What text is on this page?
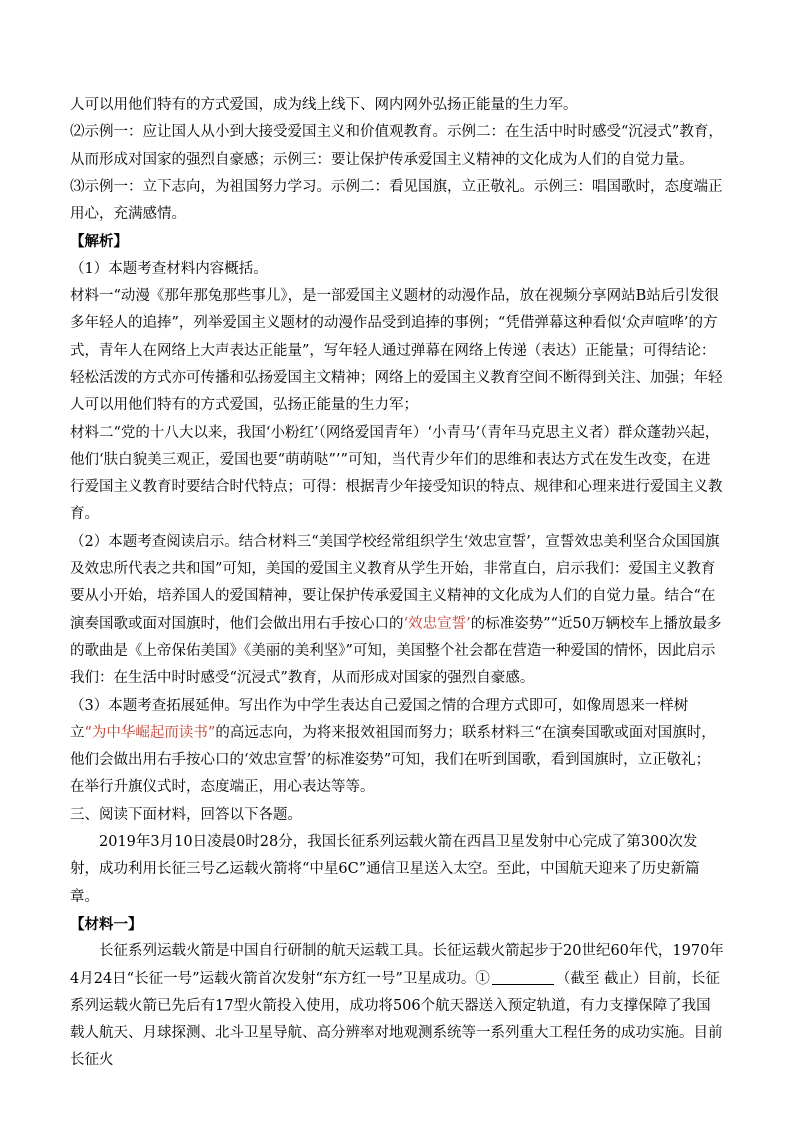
人可以用他们特有的方式爱国，成为线上线下、网内网外弘扬正能量的生力军。

⑵示例一：应让国人从小到大接受爱国主义和价值观教育。示例二：在生活中时时感受“沉浸式”教育，从而形成对国家的强烈自豪感；示例三：要让保护传承爱国主义精神的文化成为人们的自觉力量。

⑶示例一：立下志向，为祖国努力学习。示例二：看见国旗，立正敬礼。示例三：唱国歌时，态度端正用心，充满感情。

【解析】

（1）本题考查材料内容概括。

材料一“动漫《那年那兔那些事儿》，是一部爱国主义题材的动漫作品，放在视频分享网站B站后引发很多年轻人的追捧”，列举爱国主义题材的动漫作品受到追捧的事例；“凭借弹幕这种看似‘众声喧哗’的方式，青年人在网络上大声表达正能量”，写年轻人通过弹幕在网络上传递（表达）正能量；可得结论：轻松活泼的方式亦可传播和弘扬爱国主文精神；网络上的爱国主义教育空间不断得到关注、加强；年轻人可以用他们特有的方式爱国，弘扬正能量的生力军；

材料二“党的十八大以来，我国‘小粉红’（网络爱国青年）‘小青马’（青年马克思主义者）群众蓬勃兴起，他们‘肤白貌美三观正，爱国也要“萌萌哒”’”可知，当代青少年们的思维和表达方式在发生改变，在进行爱国主义教育时要结合时代特点；可得：根据青少年接受知识的特点、规律和心理来进行爱国主义教育。

（2）本题考查阅读启示。结合材料三“美国学校经常组织学生‘效忠宣誓’，宣誓效忠美利坚合众国国旗及效忠所代表之共和国”可知，美国的爱国主义教育从学生开始，非常直白，启示我们：爱国主义教育要从小开始，培养国人的爱国精神，要让保护传承爱国主义精神的文化成为人们的自觉力量。结合“在演奏国歌或面对国旗时，他们会做出用右手按心口的‘效忠宣誓’的标准姿势”“近50万辆校车上播放最多的歌曲是《上帝保佑美国》《美丽的美利坚》”可知，美国整个社会都在营造一种爱国的情怀，因此启示我们：在生活中时时感受“沉浸式”教育，从而形成对国家的强烈自豪感。

（3）本题考查拓展延伸。写出作为中学生表达自己爱国之情的合理方式即可，如像周恩来一样树立“为中华崛起而读书”的高远志向，为将来报效祖国而努力；联系材料三“在演奏国歌或面对国旗时，他们会做出用右手按心口的‘效忠宣誓’的标准姿势”可知，我们在听到国歌，看到国旗时，立正敬礼；在举行升旗仪式时，态度端正，用心表达等等。

三、阅读下面材料，回答以下各题。

2019年3月10日凌晨0时28分，我国长征系列运载火箭在西昌卫星发射中心完成了第300次发射，成功利用长征三号乙运载火箭将“中星6C”通信卫星送入太空。至此，中国航天迎来了历史新篇章。

【材料一】

长征系列运载火箭是中国自行研制的航天运载工具。长征运载火箭起步于20世纪60年代，1970年4月24日“长征一号”运载火箭首次发射“东方红一号”卫星成功。①	（截至 截止）目前，长征系列运载火箭已先后有17型火箭投入使用，成功将506个航天器送入预定轨道，有力支撑保障了我国载人航天、月球探测、北斗卫星导航、高分辨率对地观测系统等一系列重大工程任务的成功实施。目前长征火
